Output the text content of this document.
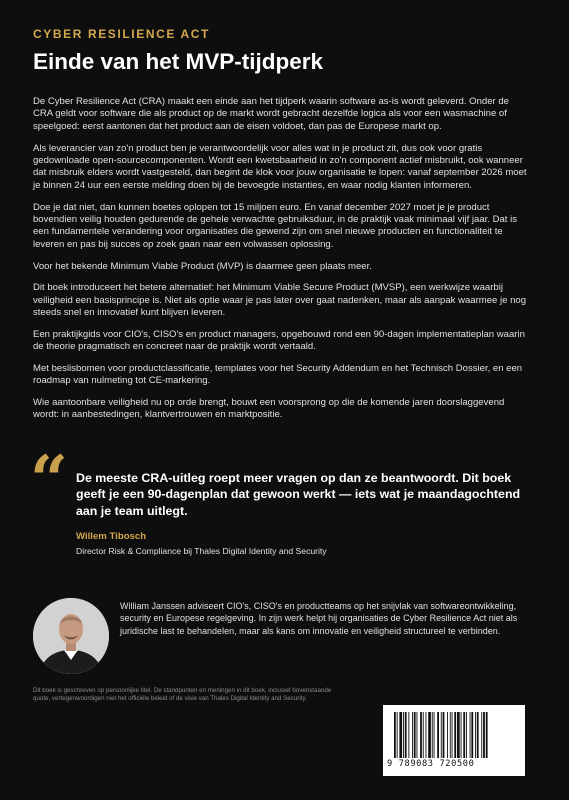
CYBER RESILIENCE ACT
Einde van het MVP-tijdperk

De Cyber Resilience Act (CRA) maakt een einde aan het tijdperk waarin software as-is wordt geleverd. Onder de CRA geldt voor software die als product op de markt wordt gebracht dezelfde logica als voor een wasmachine of speelgoed: eerst aantonen dat het product aan de eisen voldoet, dan pas de Europese markt op.

Als leverancier van zo'n product ben je verantwoordelijk voor alles wat in je product zit, dus ook voor gratis gedownloade open-sourcecomponenten. Wordt een kwetsbaarheid in zo'n component actief misbruikt, ook wanneer dat misbruik elders wordt vastgesteld, dan begint de klok voor jouw organisatie te lopen: vanaf september 2026 moet je binnen 24 uur een eerste melding doen bij de bevoegde instanties, en waar nodig klanten informeren.

Doe je dat niet, dan kunnen boetes oplopen tot 15 miljoen euro. En vanaf december 2027 moet je je product bovendien veilig houden gedurende de gehele verwachte gebruiksduur, in de praktijk vaak minimaal vijf jaar. Dat is een fundamentele verandering voor organisaties die gewend zijn om snel nieuwe producten en functionaliteit te leveren en pas bij succes op zoek gaan naar een volwassen oplossing.

Voor het bekende Minimum Viable Product (MVP) is daarmee geen plaats meer.

Dit boek introduceert het betere alternatief: het Minimum Viable Secure Product (MVSP), een werkwijze waarbij veiligheid een basisprincipe is. Niet als optie waar je pas later over gaat nadenken, maar als aanpak waarmee je nog steeds snel en innovatief kunt blijven leveren.

Een praktijkgids voor CIO's, CISO's en product managers, opgebouwd rond een 90-dagen implementatieplan waarin de theorie pragmatisch en concreet naar de praktijk wordt vertaald.

Met beslisbomen voor productclassificatie, templates voor het Security Addendum en het Technisch Dossier, en een roadmap van nulmeting tot CE-markering.

Wie aantoonbare veiligheid nu op orde brengt, bouwt een voorsprong op die de komende jaren doorslaggevend wordt: in aanbestedingen, klantvertrouwen en marktpositie.

“ De meeste CRA-uitleg roept meer vragen op dan ze beantwoordt. Dit boek geeft je een 90-dagenplan dat gewoon werkt — iets wat je maandagochtend aan je team uitlegt.
Willem Tibosch
Director Risk & Compliance bij Thales Digital Identity and Security
William Janssen adviseert CIO's, CISO's en productteams op het snijvlak van softwareontwikkeling, security en Europese regelgeving. In zijn werk helpt hij organisaties de Cyber Resilience Act niet als juridische last te behandelen, maar als kans om innovatie en veiligheid structureel te verbinden.
Dit boek is geschreven op persoonlijke titel. De standpunten en meningen in dit boek, inclusief bovenstaande quote, vertegenwoordigen niet het officiële beleid of de visie van Thales Digital Identity and Security.
9 789083 720500
